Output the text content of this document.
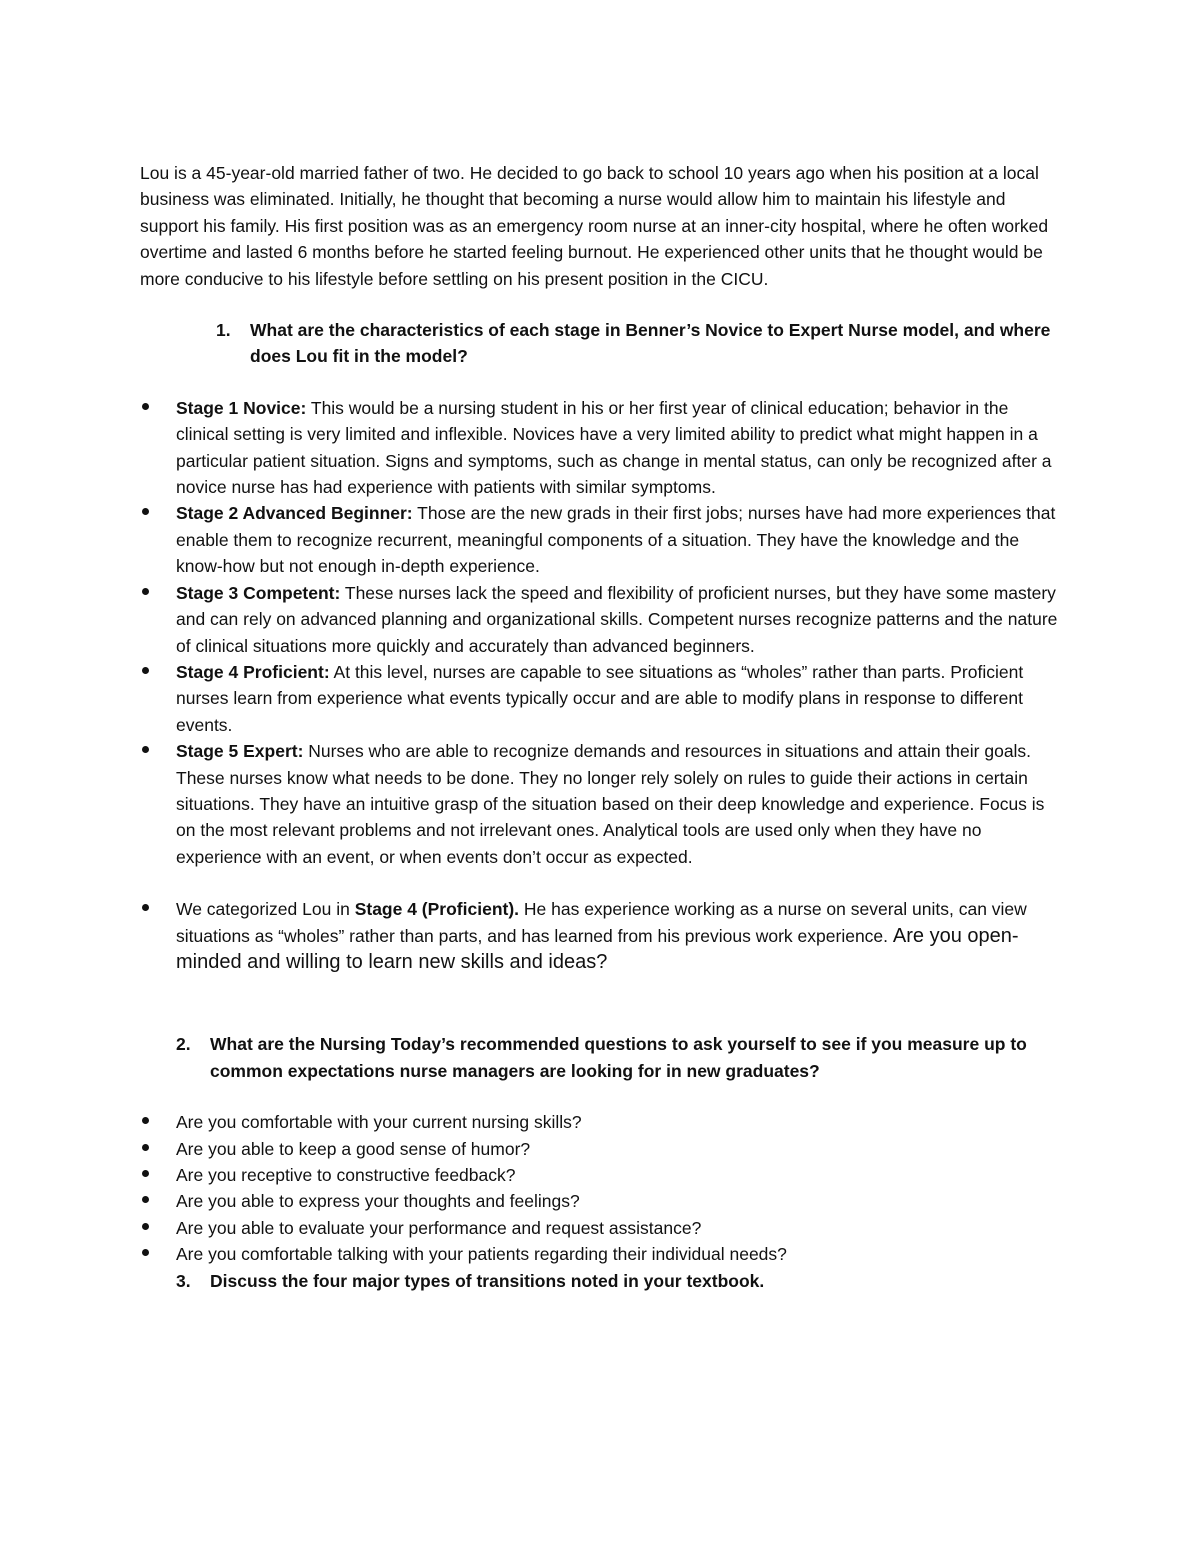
Lou is a 45-year-old married father of two. He decided to go back to school 10 years ago when his position at a local business was eliminated. Initially, he thought that becoming a nurse would allow him to maintain his lifestyle and support his family. His first position was as an emergency room nurse at an inner-city hospital, where he often worked overtime and lasted 6 months before he started feeling burnout. He experienced other units that he thought would be more conducive to his lifestyle before settling on his present position in the CICU.

1.	What are the characteristics of each stage in Benner’s Novice to Expert Nurse model, and where does Lou fit in the model?
Stage 1 Novice: This would be a nursing student in his or her first year of clinical education; behavior in the clinical setting is very limited and inflexible. Novices have a very limited ability to predict what might happen in a particular patient situation. Signs and symptoms, such as change in mental status, can only be recognized after a novice nurse has had experience with patients with similar symptoms.
Stage 2 Advanced Beginner: Those are the new grads in their first jobs; nurses have had more experiences that enable them to recognize recurrent, meaningful components of a situation. They have the knowledge and the know-how but not enough in-depth experience.
Stage 3 Competent: These nurses lack the speed and flexibility of proficient nurses, but they have some mastery and can rely on advanced planning and organizational skills. Competent nurses recognize patterns and the nature of clinical situations more quickly and accurately than advanced beginners.
Stage 4 Proficient: At this level, nurses are capable to see situations as “wholes” rather than parts. Proficient nurses learn from experience what events typically occur and are able to modify plans in response to different events.
Stage 5 Expert: Nurses who are able to recognize demands and resources in situations and attain their goals. These nurses know what needs to be done. They no longer rely solely on rules to guide their actions in certain situations. They have an intuitive grasp of the situation based on their deep knowledge and experience. Focus is on the most relevant problems and not irrelevant ones. Analytical tools are used only when they have no experience with an event, or when events don’t occur as expected.
We categorized Lou in Stage 4 (Proficient). He has experience working as a nurse on several units, can view situations as “wholes” rather than parts, and has learned from his previous work experience. Are you open-minded and willing to learn new skills and ideas?
2.	What are the Nursing Today’s recommended questions to ask yourself to see if you measure up to common expectations nurse managers are looking for in new graduates?
Are you comfortable with your current nursing skills?
Are you able to keep a good sense of humor?
Are you receptive to constructive feedback?
Are you able to express your thoughts and feelings?
Are you able to evaluate your performance and request assistance?
Are you comfortable talking with your patients regarding their individual needs?
3.	Discuss the four major types of transitions noted in your textbook.
